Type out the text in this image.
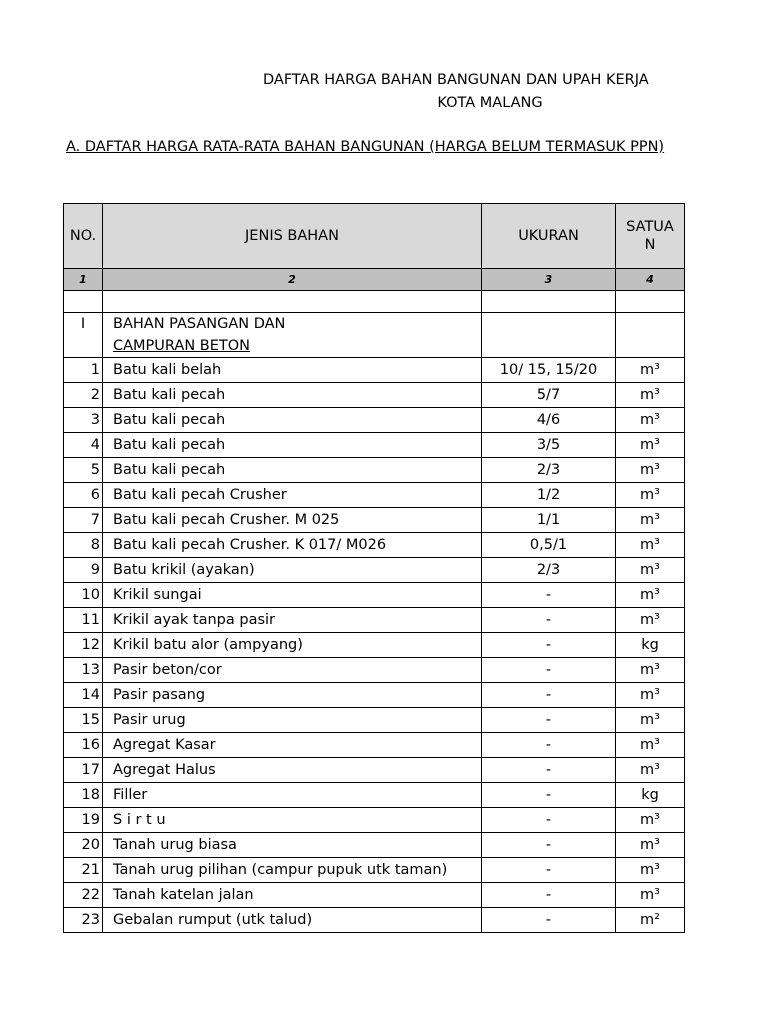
DAFTAR HARGA BAHAN BANGUNAN DAN UPAH KERJA
KOTA MALANG
A. DAFTAR HARGA RATA-RATA BAHAN BANGUNAN (HARGA BELUM TERMASUK PPN)
NO.	JENIS BAHAN	UKURAN	SATUA
N
1	2	3	4

I	BAHAN PASANGAN DAN		
	CAMPURAN BETON		
1	Batu kali belah	10/ 15, 15/20	m³
2	Batu kali pecah	5/7	m³
3	Batu kali pecah	4/6	m³
4	Batu kali pecah	3/5	m³
5	Batu kali pecah	2/3	m³
6	Batu kali pecah Crusher	1/2	m³
7	Batu kali pecah Crusher. M 025	1/1	m³
8	Batu kali pecah Crusher. K 017/ M026	0,5/1	m³
9	Batu krikil (ayakan)	2/3	m³
10	Krikil sungai	-	m³
11	Krikil ayak tanpa pasir	-	m³
12	Krikil batu alor (ampyang)	-	kg
13	Pasir beton/cor	-	m³
14	Pasir pasang	-	m³
15	Pasir urug	-	m³
16	Agregat Kasar	-	m³
17	Agregat Halus	-	m³
18	Filler	-	kg
19	S i r t u	-	m³
20	Tanah urug biasa	-	m³
21	Tanah urug pilihan (campur pupuk utk taman)	-	m³
22	Tanah katelan jalan	-	m³
23	Gebalan rumput (utk talud)	-	m²
